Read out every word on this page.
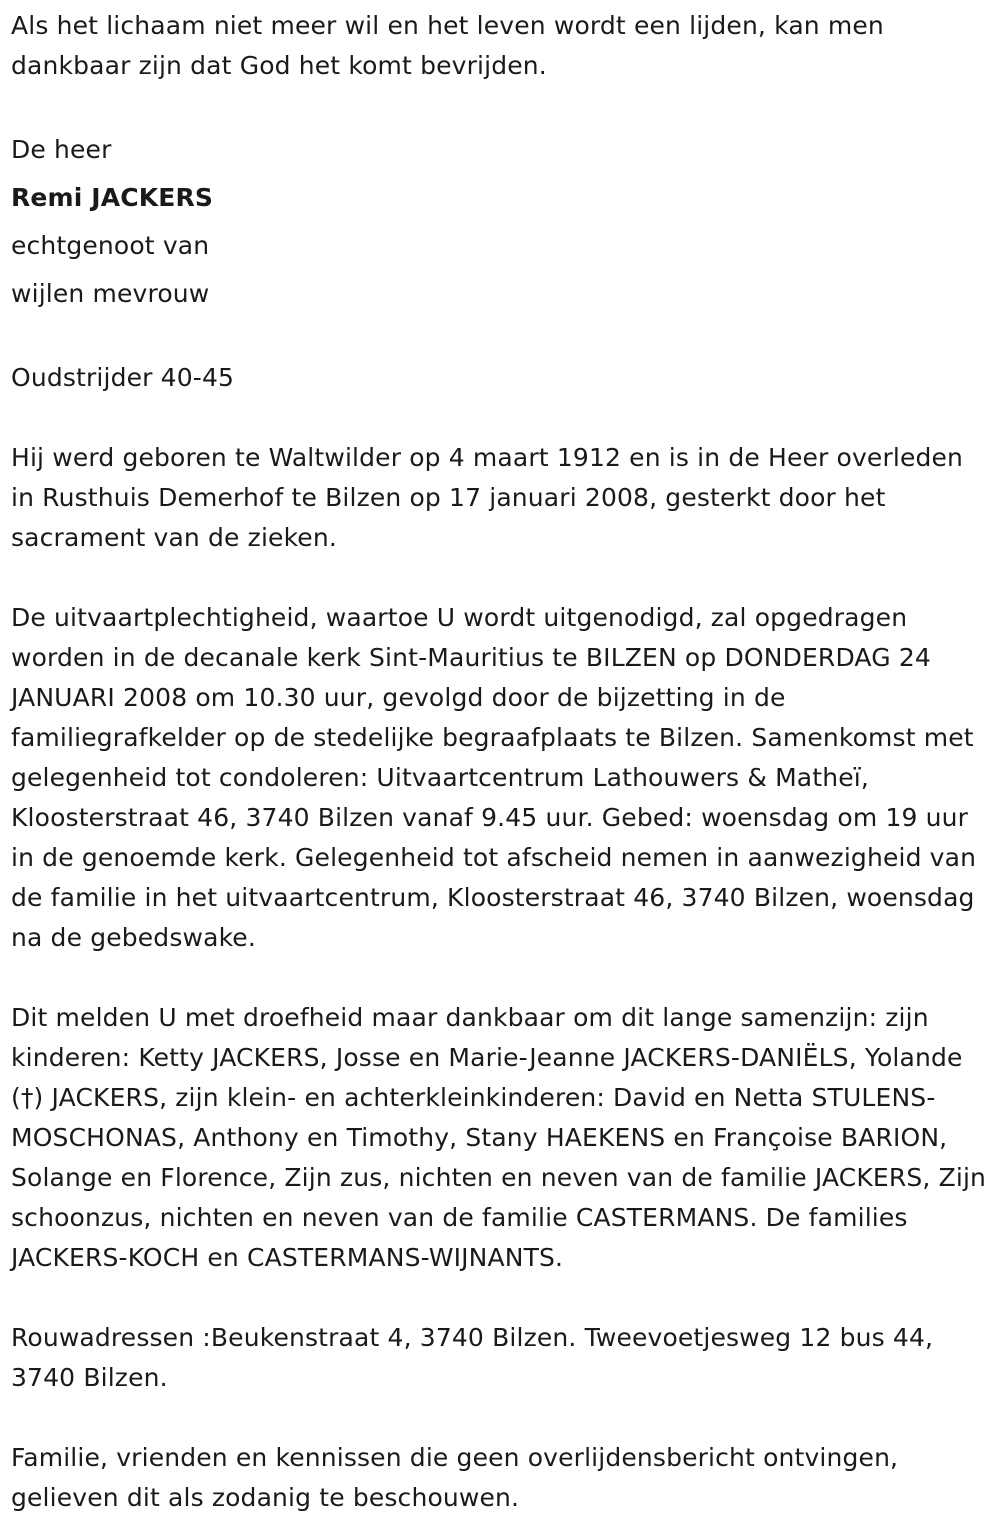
Als het lichaam niet meer wil en het leven wordt een lijden, kan men dankbaar zijn dat God het komt bevrijden.

De heer

Remi JACKERS

echtgenoot van

wijlen mevrouw

Oudstrijder 40-45

Hij werd geboren te Waltwilder op 4 maart 1912 en is in de Heer overleden in Rusthuis Demerhof te Bilzen op 17 januari 2008, gesterkt door het sacrament van de zieken.

De uitvaartplechtigheid, waartoe U wordt uitgenodigd, zal opgedragen worden in de decanale kerk Sint-Mauritius te BILZEN op DONDERDAG 24 JANUARI 2008 om 10.30 uur, gevolgd door de bijzetting in de familiegrafkelder op de stedelijke begraafplaats te Bilzen. Samenkomst met gelegenheid tot condoleren: Uitvaartcentrum Lathouwers & Matheï, Kloosterstraat 46, 3740 Bilzen vanaf 9.45 uur. Gebed: woensdag om 19 uur in de genoemde kerk. Gelegenheid tot afscheid nemen in aanwezigheid van de familie in het uitvaartcentrum, Kloosterstraat 46, 3740 Bilzen, woensdag na de gebedswake.

Dit melden U met droefheid maar dankbaar om dit lange samenzijn: zijn kinderen: Ketty JACKERS, Josse en Marie-Jeanne JACKERS-DANIËLS, Yolande (†) JACKERS, zijn klein- en achterkleinkinderen: David en Netta STULENS-MOSCHONAS, Anthony en Timothy, Stany HAEKENS en Françoise BARION, Solange en Florence, Zijn zus, nichten en neven van de familie JACKERS, Zijn schoonzus, nichten en neven van de familie CASTERMANS. De families JACKERS-KOCH en CASTERMANS-WIJNANTS.

Rouwadressen :Beukenstraat 4, 3740 Bilzen. Tweevoetjesweg 12 bus 44, 3740 Bilzen.

Familie, vrienden en kennissen die geen overlijdensbericht ontvingen, gelieven dit als zodanig te beschouwen.
